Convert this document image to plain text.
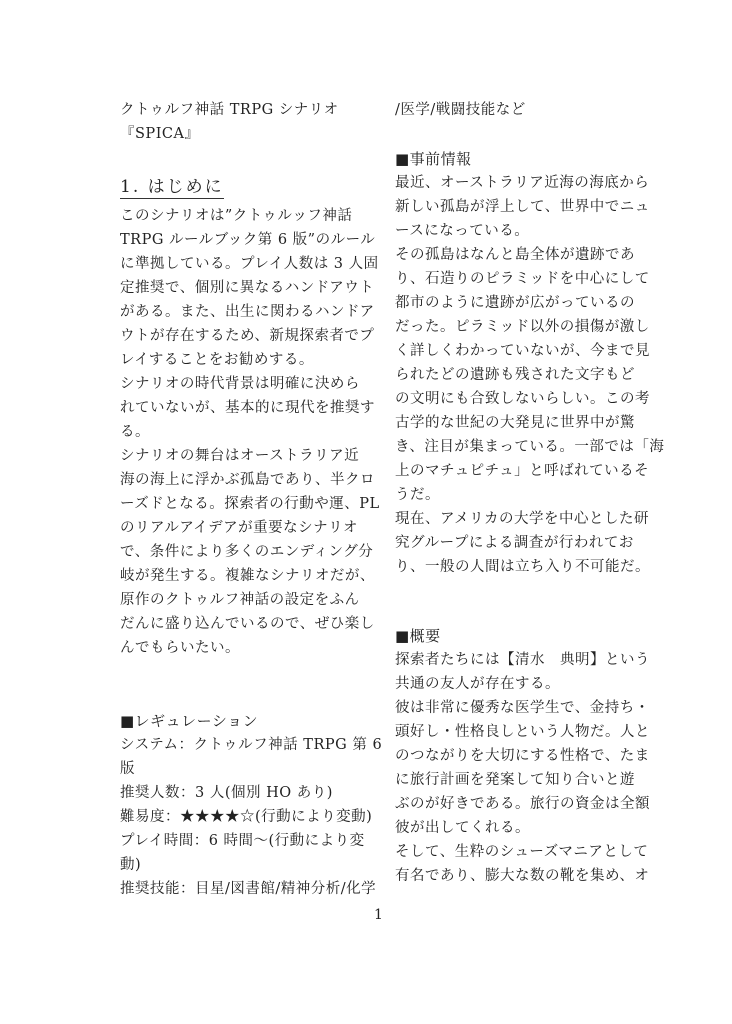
クトゥルフ神話 TRPG シナリオ
『SPICA』
1. はじめに
このシナリオは”クトゥルッフ神話
TRPG ルールブック第 6 版”のルール
に準拠している。プレイ人数は 3 人固
定推奨で、個別に異なるハンドアウト
がある。また、出生に関わるハンドア
ウトが存在するため、新規探索者でプ
レイすることをお勧めする。
シナリオの時代背景は明確に決めら
れていないが、基本的に現代を推奨す
る。
シナリオの舞台はオーストラリア近
海の海上に浮かぶ孤島であり、半クロ
ーズドとなる。探索者の行動や運、PL
のリアルアイデアが重要なシナリオ
で、条件により多くのエンディング分
岐が発生する。複雑なシナリオだが、
原作のクトゥルフ神話の設定をふん
だんに盛り込んでいるので、ぜひ楽し
んでもらいたい。
■レギュレーション
システム：クトゥルフ神話 TRPG 第 6
版
推奨人数：3 人(個別 HO あり)
難易度：★★★★☆(行動により変動)
プレイ時間：6 時間〜(行動により変
動)
推奨技能：目星/図書館/精神分析/化学
/医学/戦闘技能など
■事前情報
最近、オーストラリア近海の海底から
新しい孤島が浮上して、世界中でニュ
ースになっている。
その孤島はなんと島全体が遺跡であ
り、石造りのピラミッドを中心にして
都市のように遺跡が広がっているの
だった。ピラミッド以外の損傷が激し
く詳しくわかっていないが、今まで見
られたどの遺跡も残された文字もど
の文明にも合致しないらしい。この考
古学的な世紀の大発見に世界中が驚
き、注目が集まっている。一部では「海
上のマチュピチュ」と呼ばれているそ
うだ。
現在、アメリカの大学を中心とした研
究グループによる調査が行われてお
り、一般の人間は立ち入り不可能だ。
■概要
探索者たちには【清水　典明】という
共通の友人が存在する。
彼は非常に優秀な医学生で、金持ち・
頭好し・性格良しという人物だ。人と
のつながりを大切にする性格で、たま
に旅行計画を発案して知り合いと遊
ぶのが好きである。旅行の資金は全額
彼が出してくれる。
そして、生粋のシューズマニアとして
有名であり、膨大な数の靴を集め、オ
1
